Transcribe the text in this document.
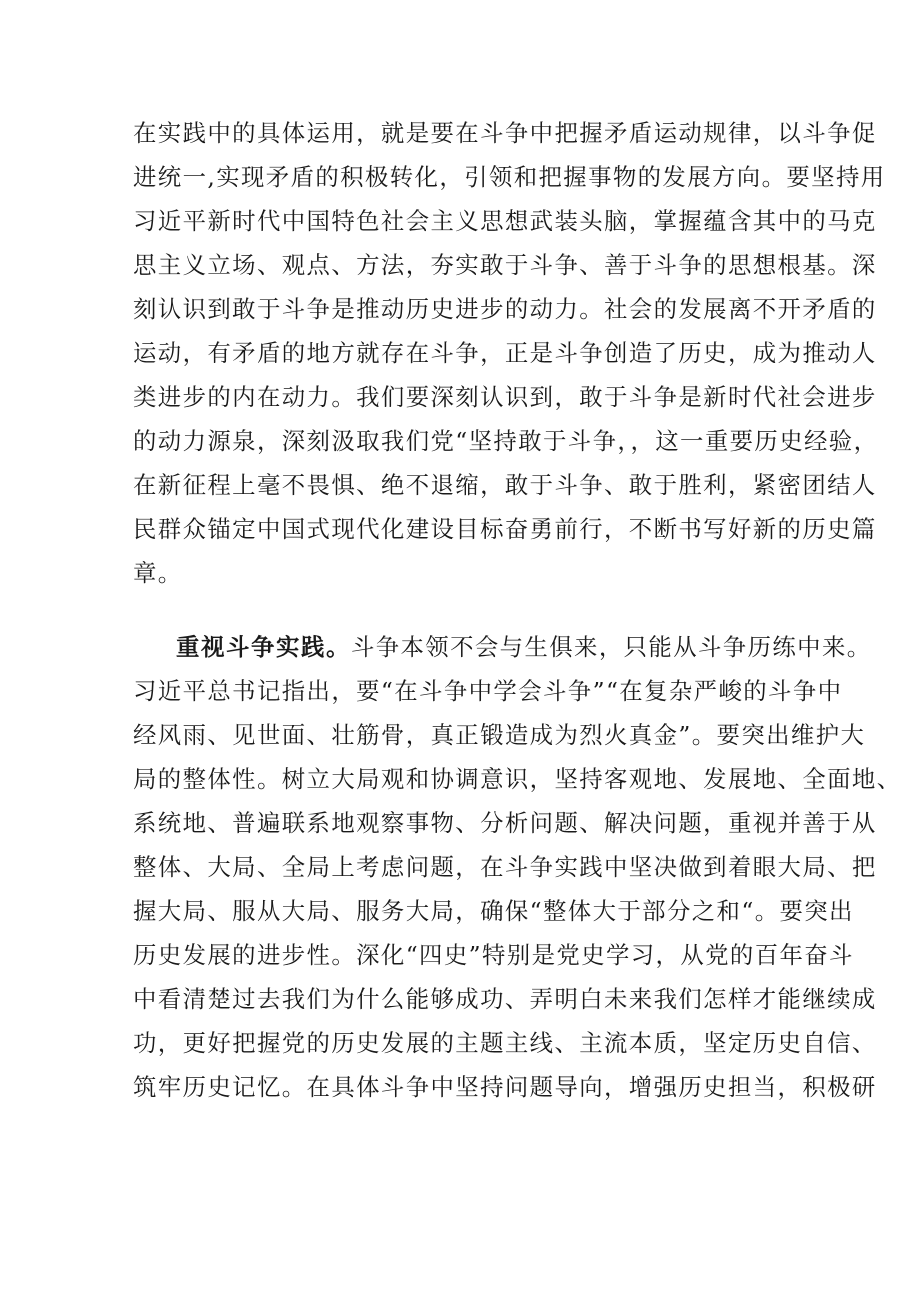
在实践中的具体运用，就是要在斗争中把握矛盾运动规律，以斗争促
进统一,实现矛盾的积极转化，引领和把握事物的发展方向。要坚持用
习近平新时代中国特色社会主义思想武装头脑，掌握蕴含其中的马克
思主义立场、观点、方法，夯实敢于斗争、善于斗争的思想根基。深
刻认识到敢于斗争是推动历史进步的动力。社会的发展离不开矛盾的
运动，有矛盾的地方就存在斗争，正是斗争创造了历史，成为推动人
类进步的内在动力。我们要深刻认识到，敢于斗争是新时代社会进步
的动力源泉，深刻汲取我们党“坚持敢于斗争，，这一重要历史经验，
在新征程上毫不畏惧、绝不退缩，敢于斗争、敢于胜利，紧密团结人
民群众锚定中国式现代化建设目标奋勇前行，不断书写好新的历史篇
章。
重视斗争实践。斗争本领不会与生俱来，只能从斗争历练中来。
习近平总书记指出，要“在斗争中学会斗争”“在复杂严峻的斗争中
经风雨、见世面、壮筋骨，真正锻造成为烈火真金”。要突出维护大
局的整体性。树立大局观和协调意识，坚持客观地、发展地、全面地、
系统地、普遍联系地观察事物、分析问题、解决问题，重视并善于从
整体、大局、全局上考虑问题，在斗争实践中坚决做到着眼大局、把
握大局、服从大局、服务大局，确保“整体大于部分之和“。要突出
历史发展的进步性。深化“四史”特别是党史学习，从党的百年奋斗
中看清楚过去我们为什么能够成功、弄明白未来我们怎样才能继续成
功，更好把握党的历史发展的主题主线、主流本质，坚定历史自信、
筑牢历史记忆。在具体斗争中坚持问题导向，增强历史担当，积极研
